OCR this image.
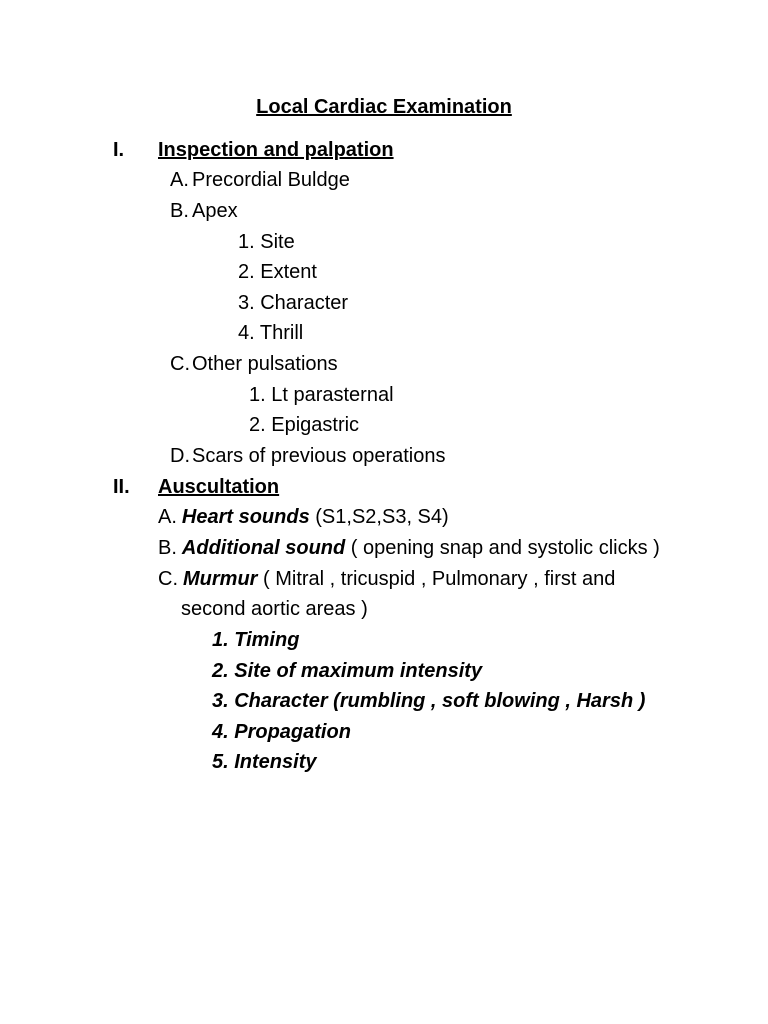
Local Cardiac Examination
I. Inspection and palpation
A. Precordial Buldge
B. Apex
1. Site
2. Extent
3. Character
4. Thrill
C. Other pulsations
1. Lt parasternal
2. Epigastric
D. Scars of previous operations
II. Auscultation
A. Heart sounds (S1,S2,S3, S4)
B. Additional sound ( opening snap and systolic clicks )
C. Murmur ( Mitral , tricuspid , Pulmonary , first and
second aortic areas )
1. Timing
2. Site of maximum intensity
3. Character (rumbling , soft blowing , Harsh )
4. Propagation
5. Intensity
